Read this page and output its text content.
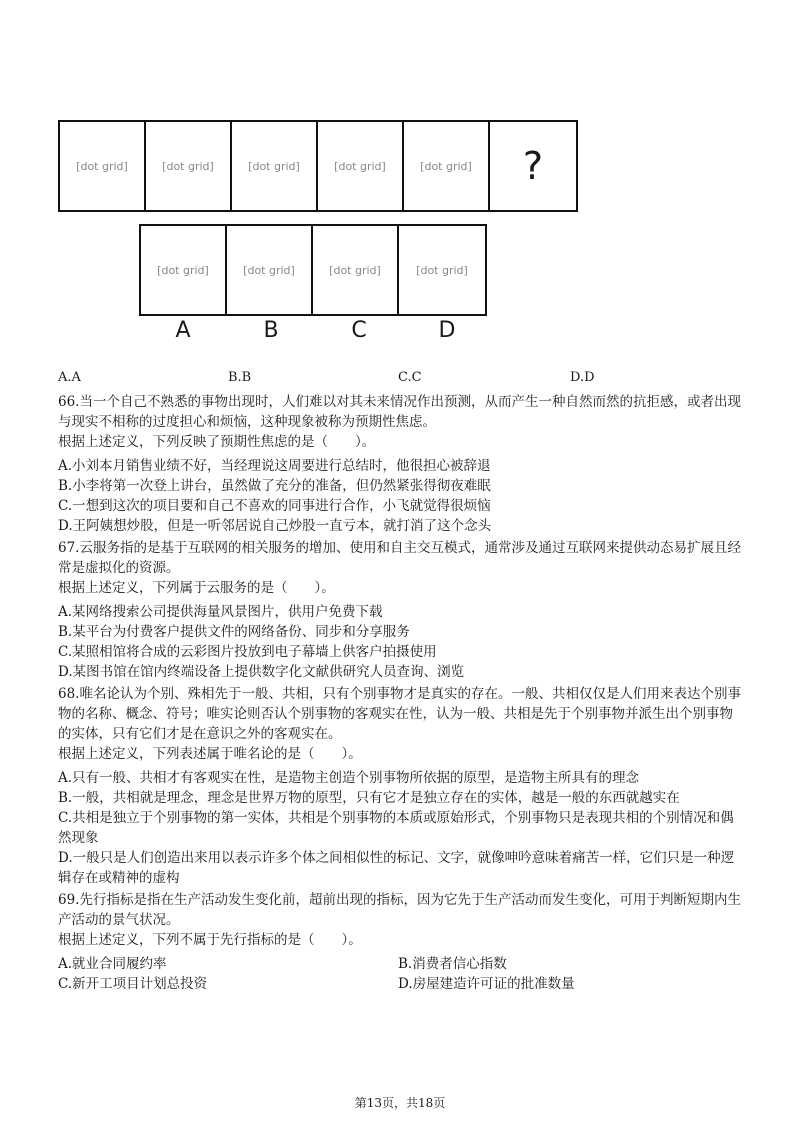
[dot grid]	[dot grid]	[dot grid]	[dot grid]	[dot grid]	?
[dot grid]	[dot grid]	[dot grid]	[dot grid]
A	B	C	D
A.A	B.B	C.C	D.D

66.当一个自己不熟悉的事物出现时，人们难以对其未来情况作出预测，从而产生一种自然而然的抗拒感，或者出现与现实不相称的过度担心和烦恼，这种现象被称为预期性焦虑。

根据上述定义，下列反映了预期性焦虑的是（　　）。

A.小刘本月销售业绩不好，当经理说这周要进行总结时，他很担心被辞退

B.小李将第一次登上讲台，虽然做了充分的准备，但仍然紧张得彻夜难眠

C.一想到这次的项目要和自己不喜欢的同事进行合作，小飞就觉得很烦恼

D.王阿姨想炒股，但是一听邻居说自己炒股一直亏本，就打消了这个念头

67.云服务指的是基于互联网的相关服务的增加、使用和自主交互模式，通常涉及通过互联网来提供动态易扩展且经常是虚拟化的资源。

根据上述定义，下列属于云服务的是（　　）。

A.某网络搜索公司提供海量风景图片，供用户免费下载

B.某平台为付费客户提供文件的网络备份、同步和分享服务

C.某照相馆将合成的云彩图片投放到电子幕墙上供客户拍摄使用

D.某图书馆在馆内终端设备上提供数字化文献供研究人员查询、浏览

68.唯名论认为个别、殊相先于一般、共相，只有个别事物才是真实的存在。一般、共相仅仅是人们用来表达个别事物的名称、概念、符号；唯实论则否认个别事物的客观实在性，认为一般、共相是先于个别事物并派生出个别事物的实体，只有它们才是在意识之外的客观实在。

根据上述定义，下列表述属于唯名论的是（　　）。

A.只有一般、共相才有客观实在性，是造物主创造个别事物所依据的原型，是造物主所具有的理念

B.一般，共相就是理念，理念是世界万物的原型，只有它才是独立存在的实体，越是一般的东西就越实在

C.共相是独立于个别事物的第一实体，共相是个别事物的本质或原始形式，个别事物只是表现共相的个别情况和偶然现象

D.一般只是人们创造出来用以表示许多个体之间相似性的标记、文字，就像呻吟意味着痛苦一样，它们只是一种逻辑存在或精神的虚构

69.先行指标是指在生产活动发生变化前，超前出现的指标，因为它先于生产活动而发生变化，可用于判断短期内生产活动的景气状况。

根据上述定义，下列不属于先行指标的是（　　）。

A.就业合同履约率	B.消费者信心指数

C.新开工项目计划总投资	D.房屋建造许可证的批准数量

第13页，共18页
